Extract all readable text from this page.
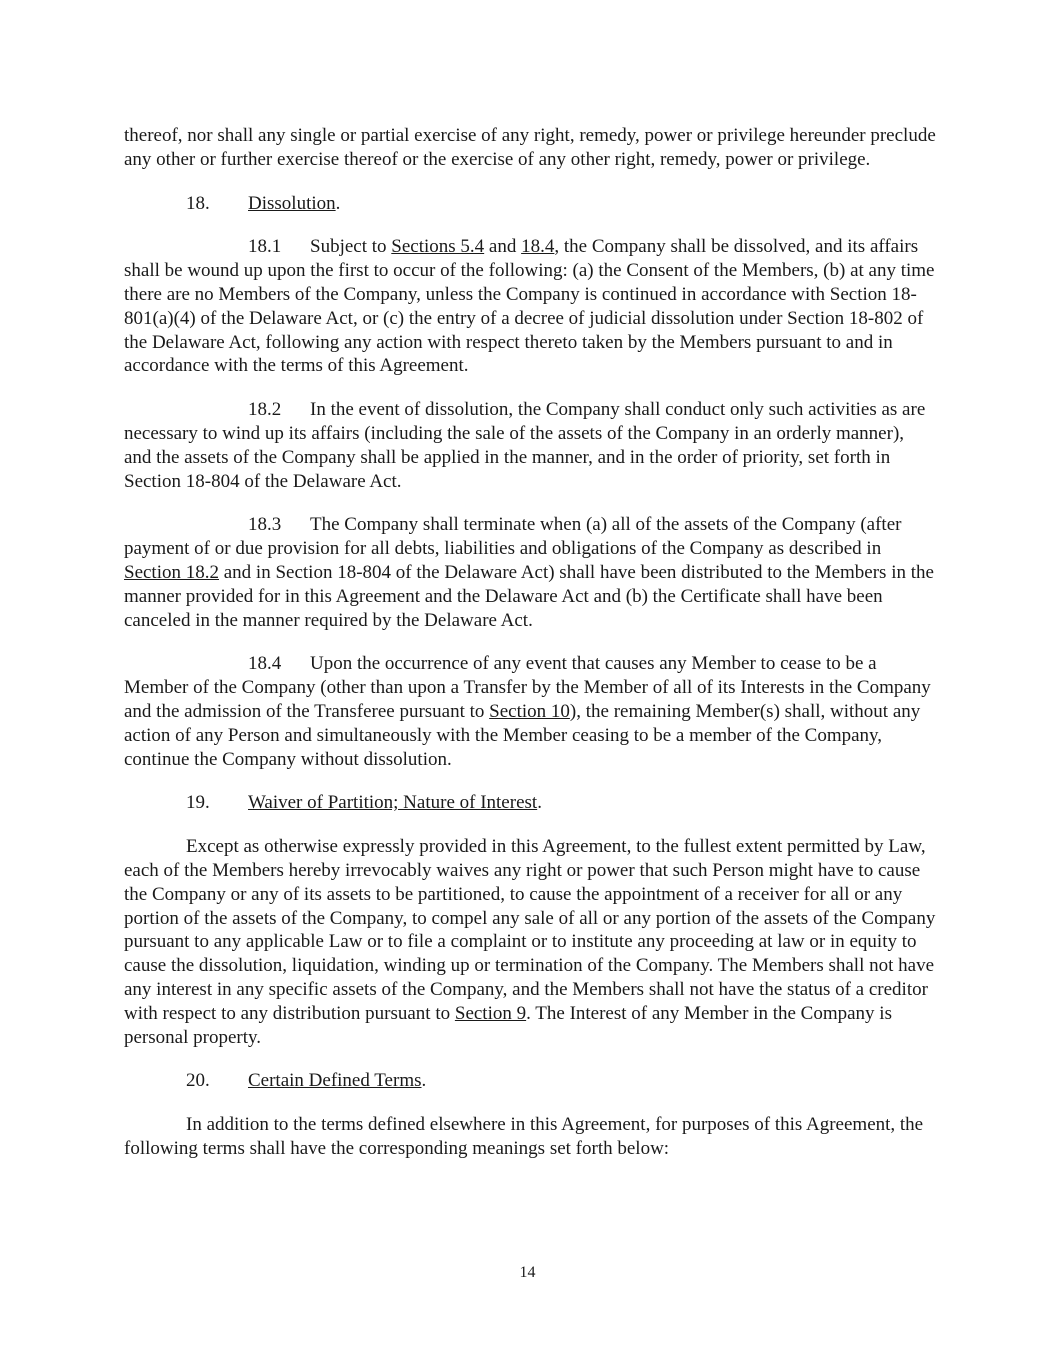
thereof, nor shall any single or partial exercise of any right, remedy, power or privilege hereunder preclude any other or further exercise thereof or the exercise of any other right, remedy, power or privilege.

18. Dissolution.

18.1 Subject to Sections 5.4 and 18.4, the Company shall be dissolved, and its affairs shall be wound up upon the first to occur of the following: (a) the Consent of the Members, (b) at any time there are no Members of the Company, unless the Company is continued in accordance with Section 18-801(a)(4) of the Delaware Act, or (c) the entry of a decree of judicial dissolution under Section 18-802 of the Delaware Act, following any action with respect thereto taken by the Members pursuant to and in accordance with the terms of this Agreement.

18.2 In the event of dissolution, the Company shall conduct only such activities as are necessary to wind up its affairs (including the sale of the assets of the Company in an orderly manner), and the assets of the Company shall be applied in the manner, and in the order of priority, set forth in Section 18-804 of the Delaware Act.

18.3 The Company shall terminate when (a) all of the assets of the Company (after payment of or due provision for all debts, liabilities and obligations of the Company as described in Section 18.2 and in Section 18-804 of the Delaware Act) shall have been distributed to the Members in the manner provided for in this Agreement and the Delaware Act and (b) the Certificate shall have been canceled in the manner required by the Delaware Act.

18.4 Upon the occurrence of any event that causes any Member to cease to be a Member of the Company (other than upon a Transfer by the Member of all of its Interests in the Company and the admission of the Transferee pursuant to Section 10), the remaining Member(s) shall, without any action of any Person and simultaneously with the Member ceasing to be a member of the Company, continue the Company without dissolution.

19. Waiver of Partition; Nature of Interest.

Except as otherwise expressly provided in this Agreement, to the fullest extent permitted by Law, each of the Members hereby irrevocably waives any right or power that such Person might have to cause the Company or any of its assets to be partitioned, to cause the appointment of a receiver for all or any portion of the assets of the Company, to compel any sale of all or any portion of the assets of the Company pursuant to any applicable Law or to file a complaint or to institute any proceeding at law or in equity to cause the dissolution, liquidation, winding up or termination of the Company. The Members shall not have any interest in any specific assets of the Company, and the Members shall not have the status of a creditor with respect to any distribution pursuant to Section 9. The Interest of any Member in the Company is personal property.

20. Certain Defined Terms.

In addition to the terms defined elsewhere in this Agreement, for purposes of this Agreement, the following terms shall have the corresponding meanings set forth below:

14
